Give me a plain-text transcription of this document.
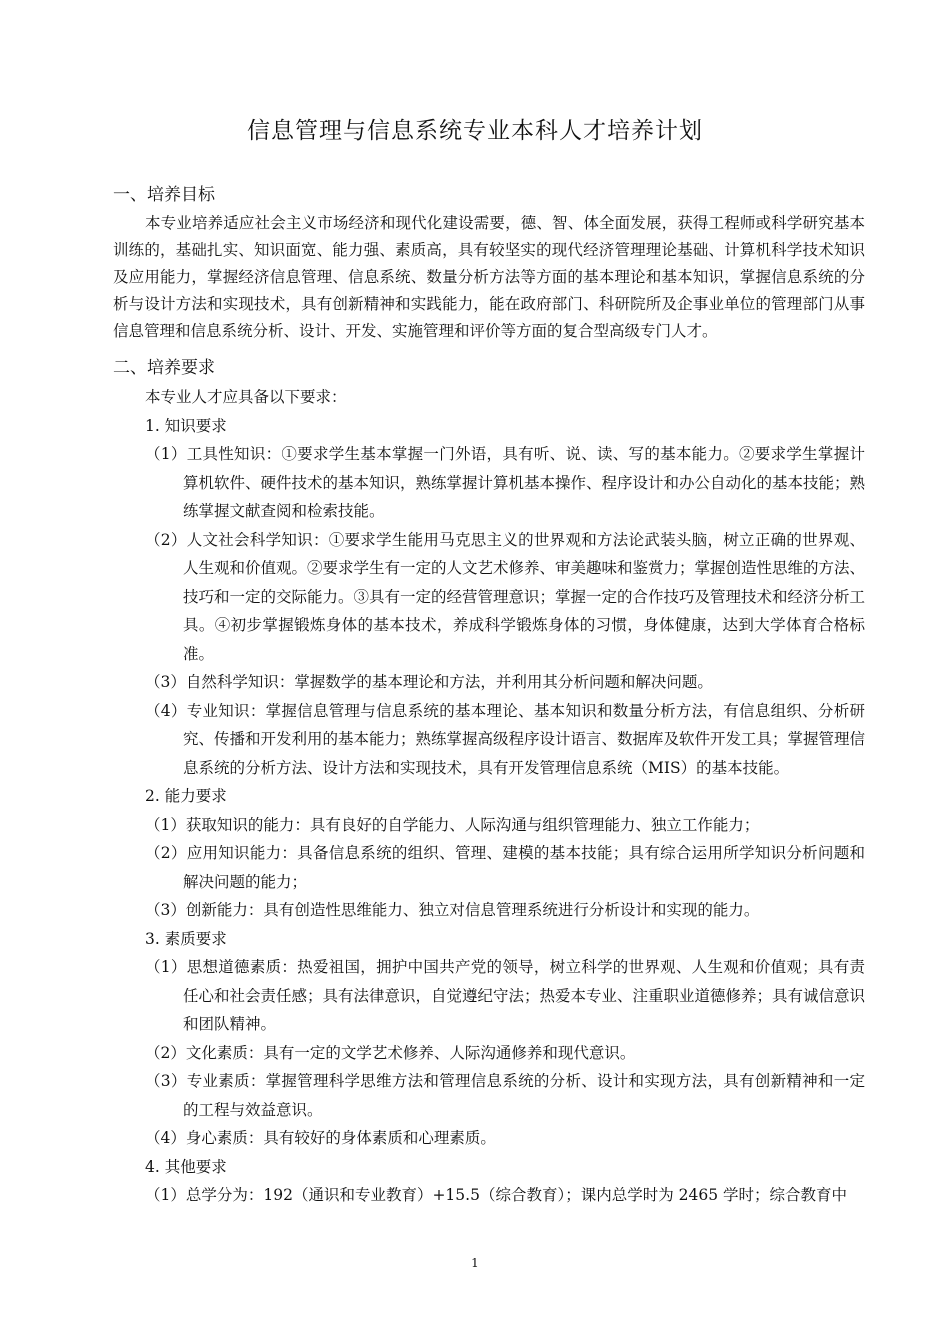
信息管理与信息系统专业本科人才培养计划
一、培养目标

本专业培养适应社会主义市场经济和现代化建设需要，德、智、体全面发展，获得工程师或科学研究基本训练的，基础扎实、知识面宽、能力强、素质高，具有较坚实的现代经济管理理论基础、计算机科学技术知识及应用能力，掌握经济信息管理、信息系统、数量分析方法等方面的基本理论和基本知识，掌握信息系统的分析与设计方法和实现技术，具有创新精神和实践能力，能在政府部门、科研院所及企事业单位的管理部门从事信息管理和信息系统分析、设计、开发、实施管理和评价等方面的复合型高级专门人才。

二、培养要求

本专业人才应具备以下要求：

1. 知识要求

（1）工具性知识：①要求学生基本掌握一门外语，具有听、说、读、写的基本能力。②要求学生掌握计算机软件、硬件技术的基本知识，熟练掌握计算机基本操作、程序设计和办公自动化的基本技能；熟练掌握文献查阅和检索技能。

（2）人文社会科学知识：①要求学生能用马克思主义的世界观和方法论武装头脑，树立正确的世界观、人生观和价值观。②要求学生有一定的人文艺术修养、审美趣味和鉴赏力；掌握创造性思维的方法、技巧和一定的交际能力。③具有一定的经营管理意识；掌握一定的合作技巧及管理技术和经济分析工具。④初步掌握锻炼身体的基本技术，养成科学锻炼身体的习惯，身体健康，达到大学体育合格标准。

（3）自然科学知识：掌握数学的基本理论和方法，并利用其分析问题和解决问题。

（4）专业知识：掌握信息管理与信息系统的基本理论、基本知识和数量分析方法，有信息组织、分析研究、传播和开发利用的基本能力；熟练掌握高级程序设计语言、数据库及软件开发工具；掌握管理信息系统的分析方法、设计方法和实现技术，具有开发管理信息系统（MIS）的基本技能。

2. 能力要求

（1）获取知识的能力：具有良好的自学能力、人际沟通与组织管理能力、独立工作能力；

（2）应用知识能力：具备信息系统的组织、管理、建模的基本技能；具有综合运用所学知识分析问题和解决问题的能力；

（3）创新能力：具有创造性思维能力、独立对信息管理系统进行分析设计和实现的能力。

3. 素质要求

（1）思想道德素质：热爱祖国，拥护中国共产党的领导，树立科学的世界观、人生观和价值观；具有责任心和社会责任感；具有法律意识，自觉遵纪守法；热爱本专业、注重职业道德修养；具有诚信意识和团队精神。

（2）文化素质：具有一定的文学艺术修养、人际沟通修养和现代意识。

（3）专业素质：掌握管理科学思维方法和管理信息系统的分析、设计和实现方法，具有创新精神和一定的工程与效益意识。

（4）身心素质：具有较好的身体素质和心理素质。

4. 其他要求

（1）总学分为：192（通识和专业教育）+15.5（综合教育）；课内总学时为 2465 学时；综合教育中

1
